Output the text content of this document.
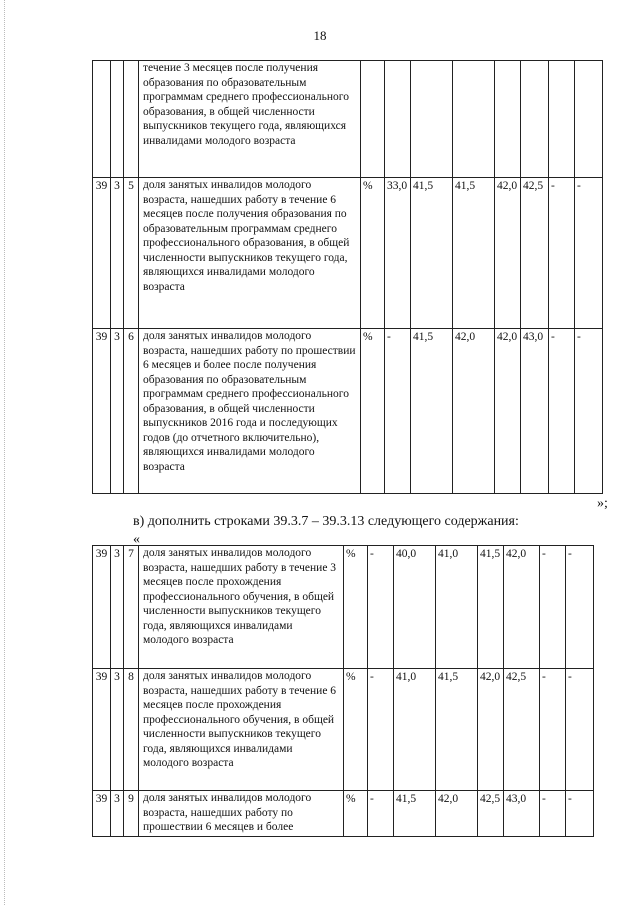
18
			течение 3 месяцев после получения образования по образовательным программам среднего профессионального образования, в общей численности выпускников текущего года, являющихся инвалидами молодого возраста								
39	3	5	доля занятых инвалидов молодого возраста, нашедших работу в течение 6 месяцев после получения образования по образовательным программам среднего профессионального образования, в общей численности выпускников текущего года, являющихся инвалидами молодого возраста	%	33,0	41,5	41,5	42,0	42,5	-	-
39	3	6	доля занятых инвалидов молодого возраста, нашедших работу по прошествии 6 месяцев и более после получения образования по образовательным программам среднего профессионального образования, в общей численности выпускников 2016 года и последующих годов (до отчетного включительно), являющихся инвалидами молодого возраста	%	-	41,5	42,0	42,0	43,0	-	-
»;
в) дополнить строками 39.3.7 – 39.3.13 следующего содержания:
«
39	3	7	доля занятых инвалидов молодого возраста, нашедших работу в течение 3 месяцев после прохождения профессионального обучения, в общей численности выпускников текущего года, являющихся инвалидами молодого возраста	%	-	40,0	41,0	41,5	42,0	-	-
39	3	8	доля занятых инвалидов молодого возраста, нашедших работу в течение 6 месяцев после прохождения профессионального обучения, в общей численности выпускников текущего года, являющихся инвалидами молодого возраста	%	-	41,0	41,5	42,0	42,5	-	-
39	3	9	доля занятых инвалидов молодого возраста, нашедших работу по прошествии 6 месяцев и более	%	-	41,5	42,0	42,5	43,0	-	-
